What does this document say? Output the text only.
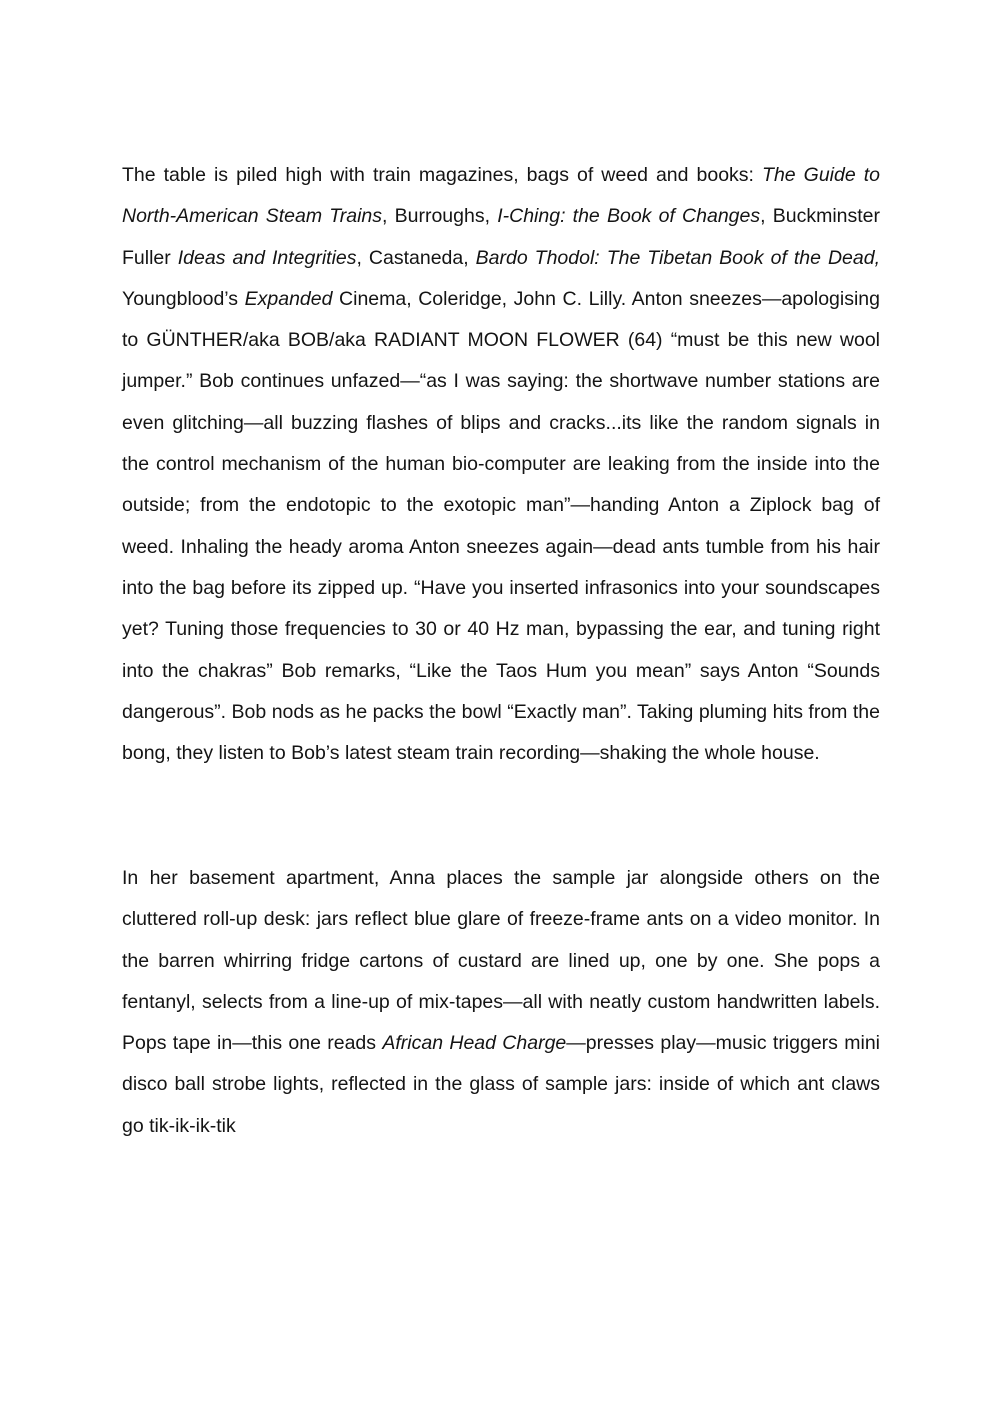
The table is piled high with train magazines, bags of weed and books: The Guide to North-American Steam Trains, Burroughs, I-Ching: the Book of Changes, Buckminster Fuller Ideas and Integrities, Castaneda, Bardo Thodol: The Tibetan Book of the Dead, Youngblood’s Expanded Cinema, Coleridge, John C. Lilly. Anton sneezes—apologising to GÜNTHER/aka BOB/aka RADIANT MOON FLOWER (64) “must be this new wool jumper.” Bob continues unfazed—“as I was saying: the shortwave number stations are even glitching—all buzzing flashes of blips and cracks...its like the random signals in the control mechanism of the human bio-computer are leaking from the inside into the outside; from the endotopic to the exotopic man”—handing Anton a Ziplock bag of weed. Inhaling the heady aroma Anton sneezes again—dead ants tumble from his hair into the bag before its zipped up. “Have you inserted infrasonics into your soundscapes yet? Tuning those frequencies to 30 or 40 Hz man, bypassing the ear, and tuning right into the chakras” Bob remarks, “Like the Taos Hum you mean” says Anton “Sounds dangerous”. Bob nods as he packs the bowl “Exactly man”. Taking pluming hits from the bong, they listen to Bob’s latest steam train recording—shaking the whole house.

In her basement apartment, Anna places the sample jar alongside others on the cluttered roll-up desk: jars reflect blue glare of freeze-frame ants on a video monitor. In the barren whirring fridge cartons of custard are lined up, one by one. She pops a fentanyl, selects from a line-up of mix-tapes—all with neatly custom handwritten labels. Pops tape in—this one reads African Head Charge—presses play—music triggers mini disco ball strobe lights, reflected in the glass of sample jars: inside of which ant claws go tik-ik-ik-tik
